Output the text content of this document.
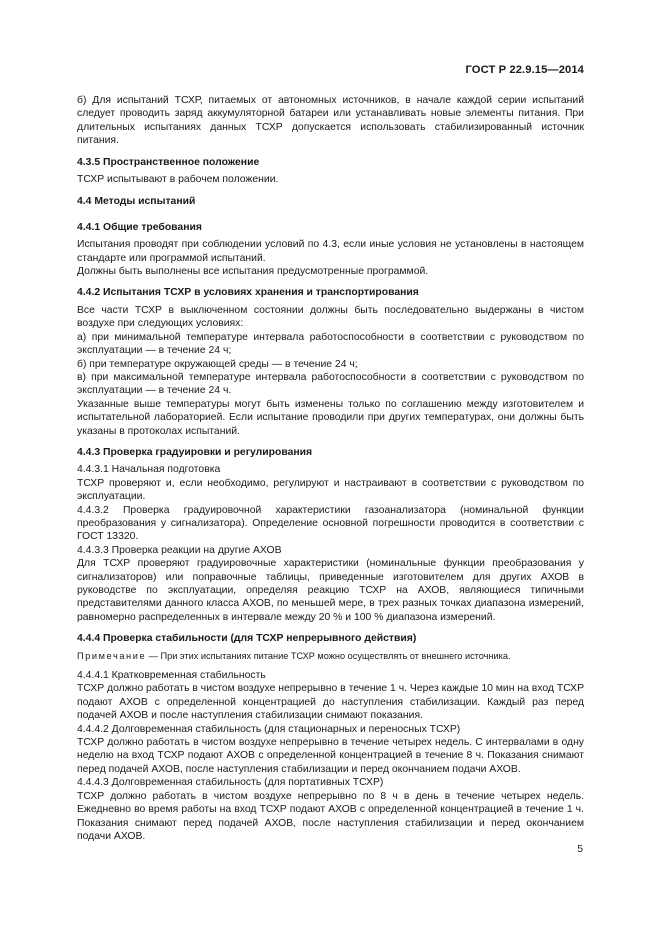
ГОСТ Р 22.9.15—2014

б) Для испытаний ТСХР, питаемых от автономных источников, в начале каждой серии испытаний следует проводить заряд аккумуляторной батареи или устанавливать новые элементы питания. При длительных испытаниях данных ТСХР допускается использовать стабилизированный источник питания.

4.3.5 Пространственное положение

ТСХР испытывают в рабочем положении.

4.4 Методы испытаний

4.4.1 Общие требования

Испытания проводят при соблюдении условий по 4.3, если иные условия не установлены в настоящем стандарте или программой испытаний.

Должны быть выполнены все испытания предусмотренные программой.

4.4.2 Испытания ТСХР в условиях хранения и транспортирования

Все части ТСХР в выключенном состоянии должны быть последовательно выдержаны в чистом воздухе при следующих условиях:

а) при минимальной температуре интервала работоспособности в соответствии с руководством по эксплуатации — в течение 24 ч;

б) при температуре окружающей среды — в течение 24 ч;

в) при максимальной температуре интервала работоспособности в соответствии с руководством по эксплуатации — в течение 24 ч.

Указанные выше температуры могут быть изменены только по соглашению между изготовителем и испытательной лабораторией. Если испытание проводили при других температурах, они должны быть указаны в протоколах испытаний.

4.4.3 Проверка градуировки и регулирования

4.4.3.1 Начальная подготовка

ТСХР проверяют и, если необходимо, регулируют и настраивают в соответствии с руководством по эксплуатации.

4.4.3.2 Проверка градуировочной характеристики газоанализатора (номинальной функции преобразования у сигнализатора). Определение основной погрешности проводится в соответствии с ГОСТ 13320.

4.4.3.3 Проверка реакции на другие АХОВ

Для ТСХР проверяют градуировочные характеристики (номинальные функции преобразования у сигнализаторов) или поправочные таблицы, приведенные изготовителем для других АХОВ в руководстве по эксплуатации, определяя реакцию ТСХР на АХОВ, являющиеся типичными представителями данного класса АХОВ, по меньшей мере, в трех разных точках диапазона измерений, равномерно распределенных в интервале между 20 % и 100 % диапазона измерений.

4.4.4 Проверка стабильности (для ТСХР непрерывного действия)

Примечание — При этих испытаниях питание ТСХР можно осуществлять от внешнего источника.

4.4.4.1 Кратковременная стабильность

ТСХР должно работать в чистом воздухе непрерывно в течение 1 ч. Через каждые 10 мин на вход ТСХР подают АХОВ с определенной концентрацией до наступления стабилизации. Каждый раз перед подачей АХОВ и после наступления стабилизации снимают показания.

4.4.4.2 Долговременная стабильность (для стационарных и переносных ТСХР)

ТСХР должно работать в чистом воздухе непрерывно в течение четырех недель. С интервалами в одну неделю на вход ТСХР подают АХОВ с определенной концентрацией в течение 8 ч. Показания снимают перед подачей АХОВ, после наступления стабилизации и перед окончанием подачи АХОВ.

4.4.4.3 Долговременная стабильность (для портативных ТСХР)

ТСХР должно работать в чистом воздухе непрерывно по 8 ч в день в течение четырех недель. Ежедневно во время работы на вход ТСХР подают АХОВ с определенной концентрацией в течение 1 ч. Показания снимают перед подачей АХОВ, после наступления стабилизации и перед окончанием подачи АХОВ.

5
